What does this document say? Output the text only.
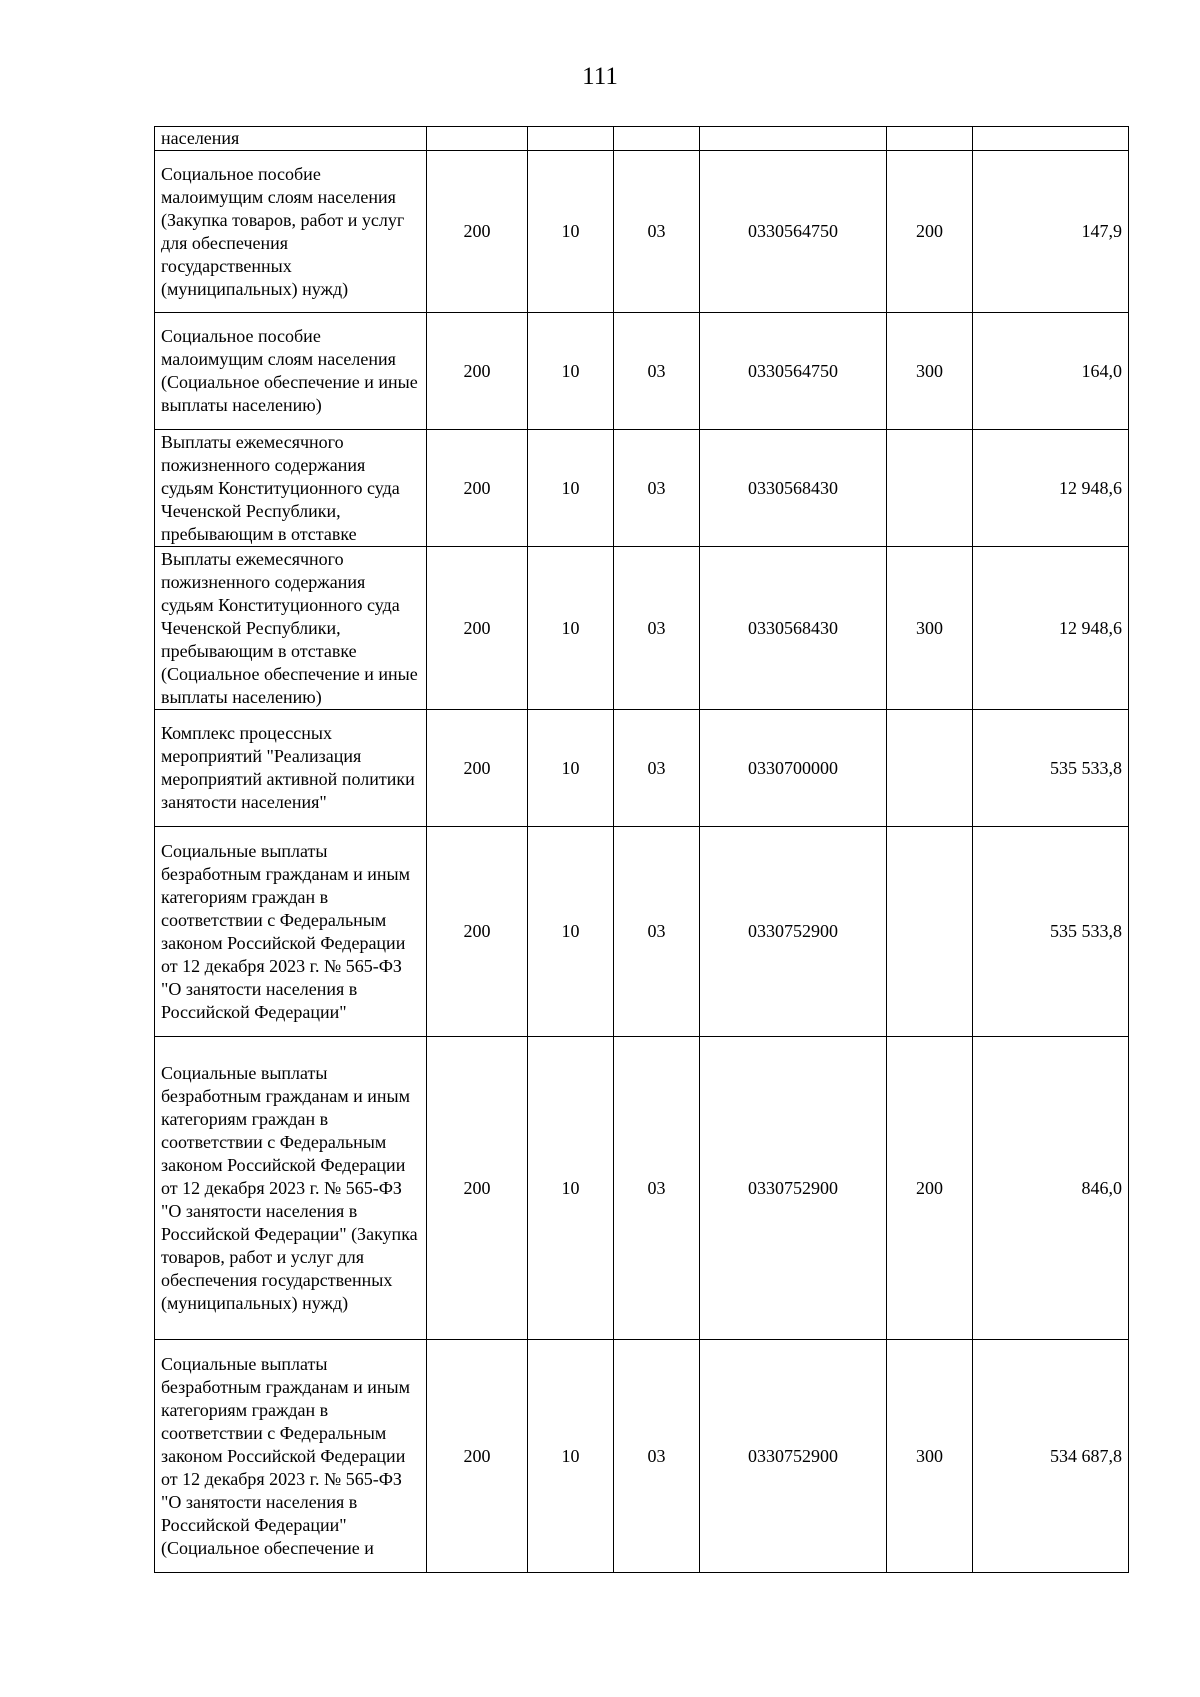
111
населения						
Социальное пособие малоимущим слоям населения (Закупка товаров, работ и услуг для обеспечения государственных (муниципальных) нужд)	200	10	03	0330564750	200	147,9
Социальное пособие малоимущим слоям населения (Социальное обеспечение и иные выплаты населению)	200	10	03	0330564750	300	164,0
Выплаты ежемесячного пожизненного содержания судьям Конституционного суда Чеченской Республики, пребывающим в отставке	200	10	03	0330568430		12 948,6
Выплаты ежемесячного пожизненного содержания судьям Конституционного суда Чеченской Республики, пребывающим в отставке (Социальное обеспечение и иные выплаты населению)	200	10	03	0330568430	300	12 948,6
Комплекс процессных мероприятий "Реализация мероприятий активной политики занятости населения"	200	10	03	0330700000		535 533,8
Социальные выплаты безработным гражданам и иным категориям граждан в соответствии с Федеральным законом Российской Федерации от 12 декабря 2023 г. № 565-ФЗ "О занятости населения в Российской Федерации"	200	10	03	0330752900		535 533,8
Социальные выплаты безработным гражданам и иным категориям граждан в соответствии с Федеральным законом Российской Федерации от 12 декабря 2023 г. № 565-ФЗ "О занятости населения в Российской Федерации" (Закупка товаров, работ и услуг для обеспечения государственных (муниципальных) нужд)	200	10	03	0330752900	200	846,0
Социальные выплаты безработным гражданам и иным категориям граждан в соответствии с Федеральным законом Российской Федерации от 12 декабря 2023 г. № 565-ФЗ "О занятости населения в Российской Федерации" (Социальное обеспечение и	200	10	03	0330752900	300	534 687,8
